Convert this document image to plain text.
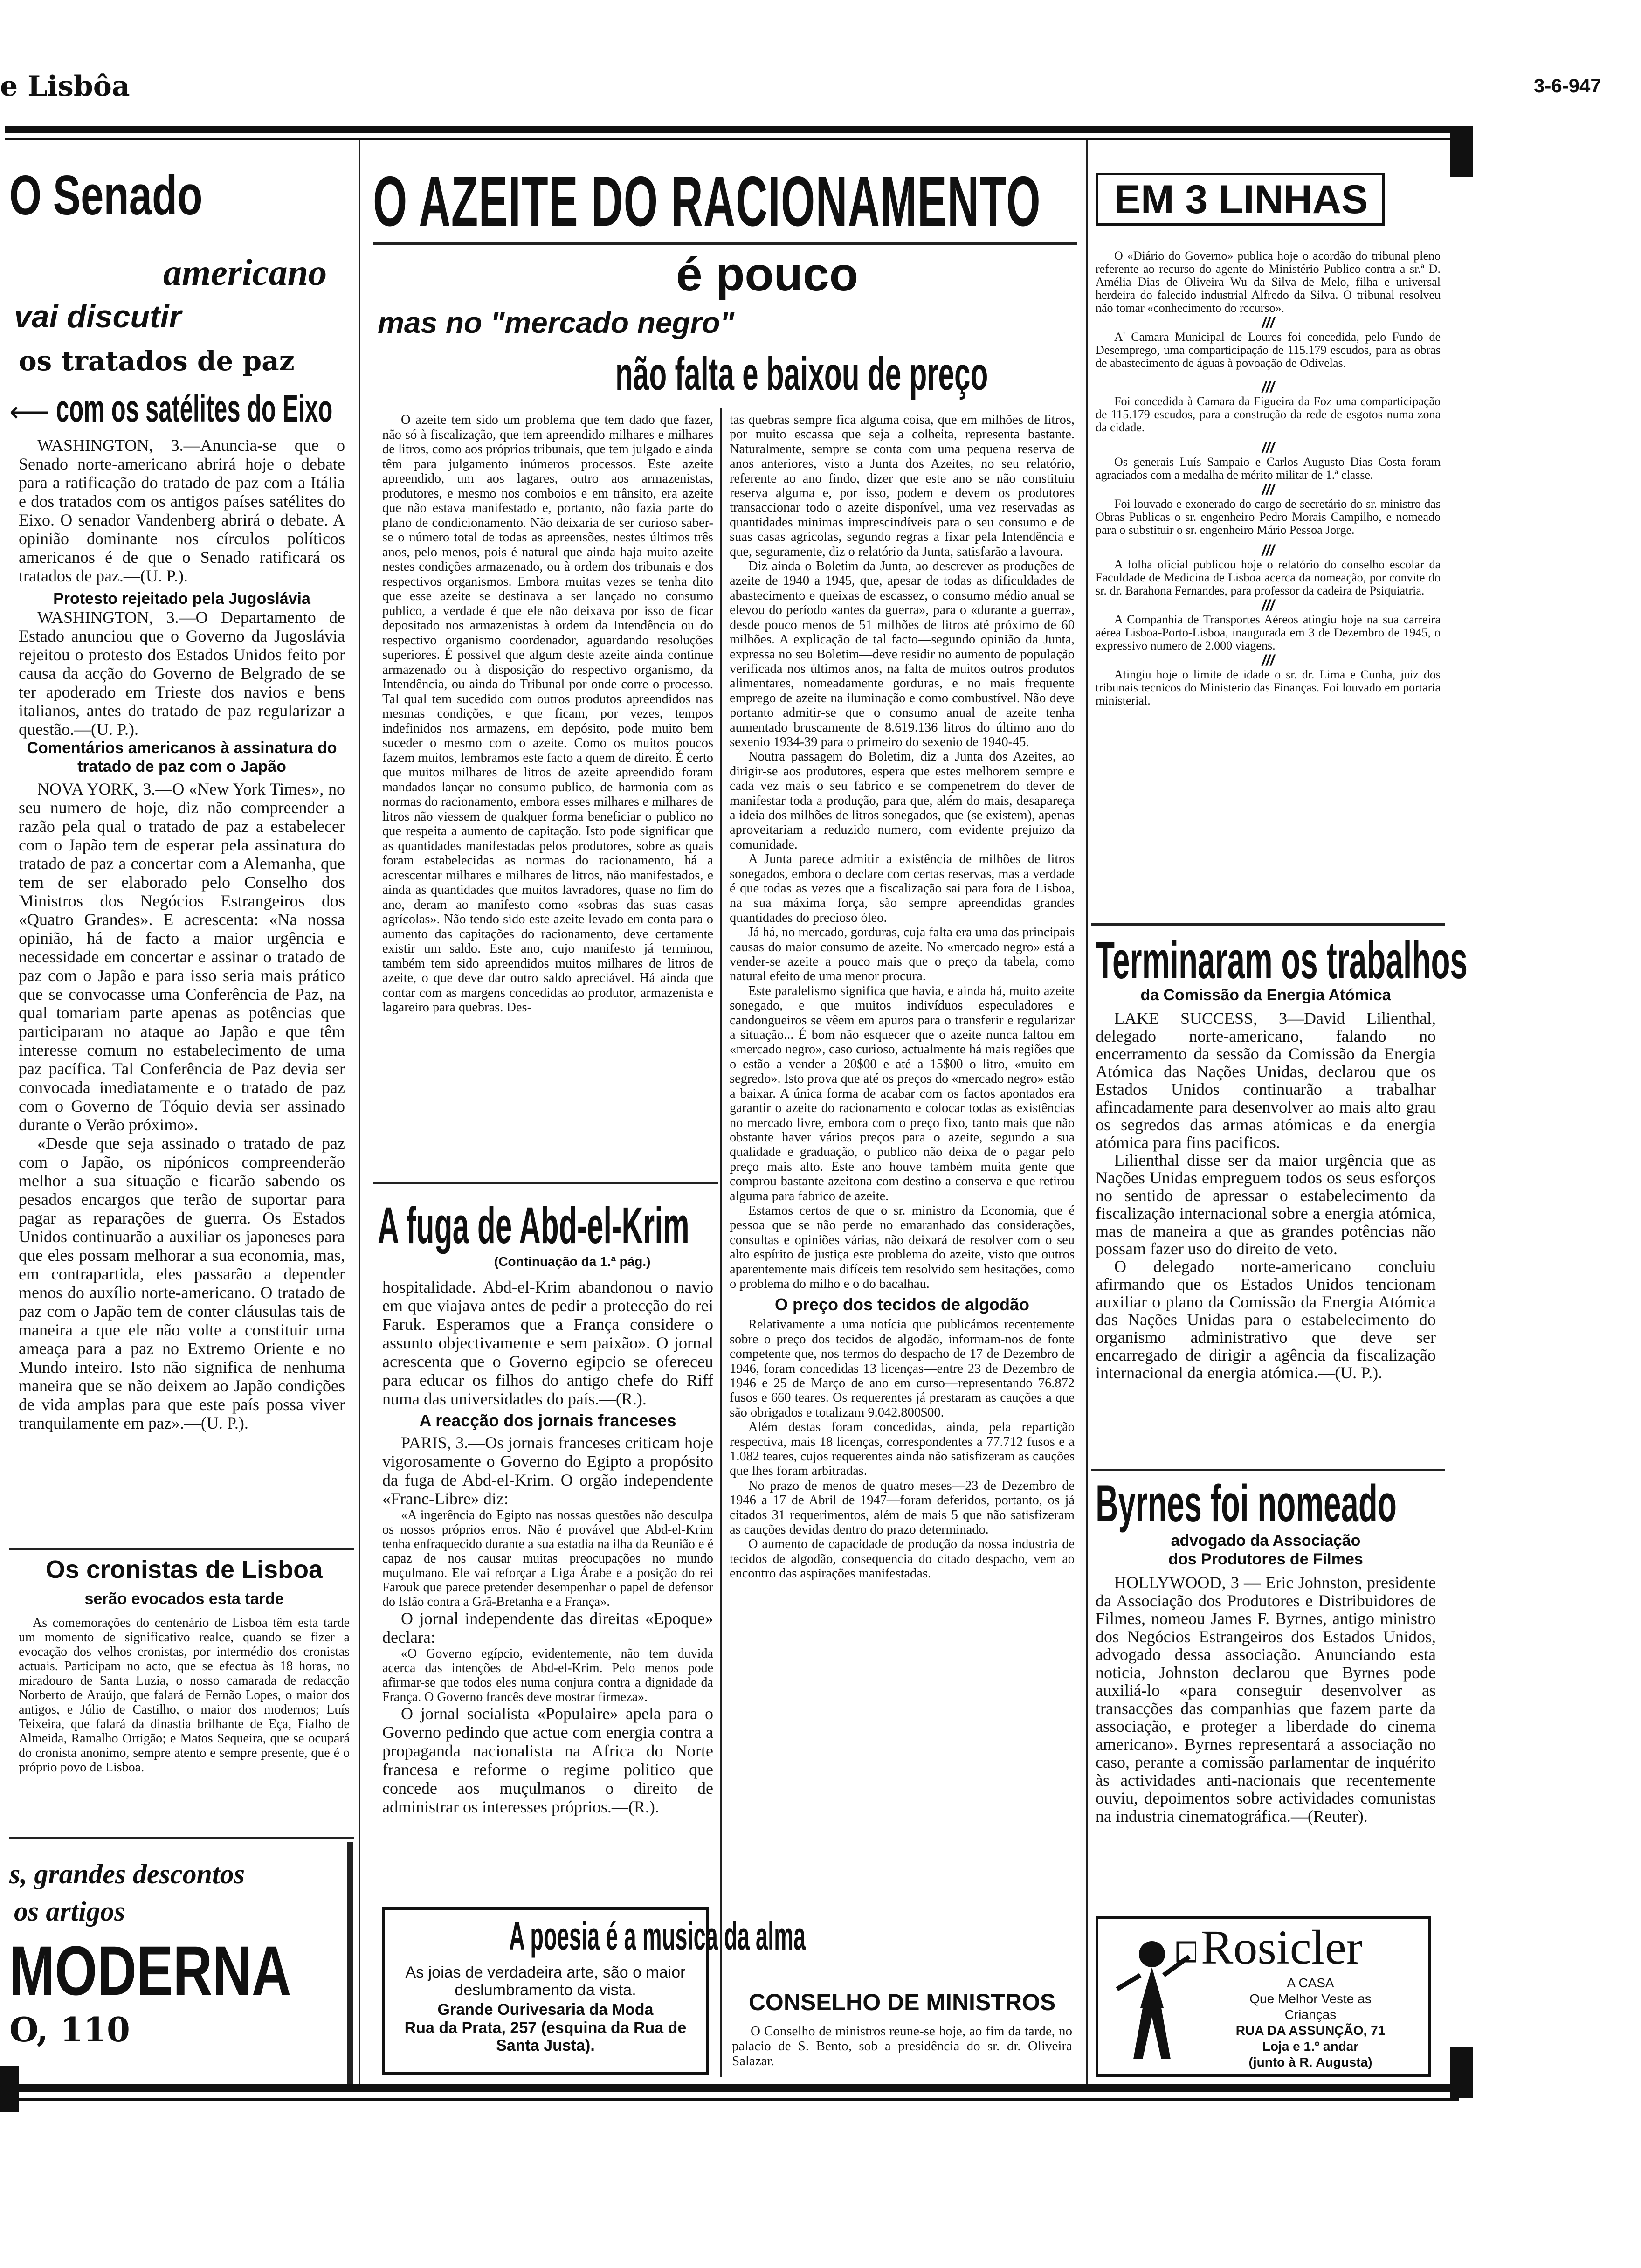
e Lisbôa	3-6-947
O Senado
americano
vai discutir
os tratados de paz
⟵ com os satélites do Eixo

WASHINGTON, 3.—Anuncia-se que o Senado norte-americano abrirá hoje o debate para a ratificação do tratado de paz com a Itália e dos tratados com os antigos países satélites do Eixo. O senador Vandenberg abrirá o debate. A opinião dominante nos círculos políticos americanos é de que o Senado ratificará os tratados de paz.—(U. P.).

Protesto rejeitado pela Jugoslávia

WASHINGTON, 3.—O Departamento de Estado anunciou que o Governo da Jugoslávia rejeitou o protesto dos Estados Unidos feito por causa da acção do Governo de Belgrado de se ter apoderado em Trieste dos navios e bens italianos, antes do tratado de paz regularizar a questão.—(U. P.).

Comentários americanos à assinatura do tratado de paz com o Japão

NOVA YORK, 3.—O «New York Times», no seu numero de hoje, diz não compreender a razão pela qual o tratado de paz a estabelecer com o Japão tem de esperar pela assinatura do tratado de paz a concertar com a Alemanha, que tem de ser elaborado pelo Conselho dos Ministros dos Negócios Estrangeiros dos «Quatro Grandes». E acrescenta: «Na nossa opinião, há de facto a maior urgência e necessidade em concertar e assinar o tratado de paz com o Japão e para isso seria mais prático que se convocasse uma Conferência de Paz, na qual tomariam parte apenas as potências que participaram no ataque ao Japão e que têm interesse comum no estabelecimento de uma paz pacífica. Tal Conferência de Paz devia ser convocada imediatamente e o tratado de paz com o Governo de Tóquio devia ser assinado durante o Verão próximo».

«Desde que seja assinado o tratado de paz com o Japão, os nipónicos compreenderão melhor a sua situação e ficarão sabendo os pesados encargos que terão de suportar para pagar as reparações de guerra. Os Estados Unidos continuarão a auxiliar os japoneses para que eles possam melhorar a sua economia, mas, em contrapartida, eles passarão a depender menos do auxílio norte-americano. O tratado de paz com o Japão tem de conter cláusulas tais de maneira a que ele não volte a constituir uma ameaça para a paz no Extremo Oriente e no Mundo inteiro. Isto não significa de nenhuma maneira que se não deixem ao Japão condições de vida amplas para que este país possa viver tranquilamente em paz».—(U. P.).

Os cronistas de Lisboa
serão evocados esta tarde

As comemorações do centenário de Lisboa têm esta tarde um momento de significativo realce, quando se fizer a evocação dos velhos cronistas, por intermédio dos cronistas actuais. Participam no acto, que se efectua às 18 horas, no miradouro de Santa Luzia, o nosso camarada de redacção Norberto de Araújo, que falará de Fernão Lopes, o maior dos antigos, e Júlio de Castilho, o maior dos modernos; Luís Teixeira, que falará da dinastia brilhante de Eça, Fialho de Almeida, Ramalho Ortigão; e Matos Sequeira, que se ocupará do cronista anonimo, sempre atento e sempre presente, que é o próprio povo de Lisboa.

s, grandes descontos
os artigos
MODERNA
O, 110
O AZEITE DO RACIONAMENTO
é pouco
mas no "mercado negro"
não falta e baixou de preço

O azeite tem sido um problema que tem dado que fazer, não só à fiscalização, que tem apreendido milhares e milhares de litros, como aos próprios tribunais, que tem julgado e ainda têm para julgamento inúmeros processos. Este azeite apreendido, um aos lagares, outro aos armazenistas, produtores, e mesmo nos comboios e em trânsito, era azeite que não estava manifestado e, portanto, não fazia parte do plano de condicionamento. Não deixaria de ser curioso saber-se o número total de todas as apreensões, nestes últimos três anos, pelo menos, pois é natural que ainda haja muito azeite nestes condições armazenado, ou à ordem dos tribunais e dos respectivos organismos. Embora muitas vezes se tenha dito que esse azeite se destinava a ser lançado no consumo publico, a verdade é que ele não deixava por isso de ficar depositado nos armazenistas à ordem da Intendência ou do respectivo organismo coordenador, aguardando resoluções superiores. É possível que algum deste azeite ainda continue armazenado ou à disposição do respectivo organismo, da Intendência, ou ainda do Tribunal por onde corre o processo. Tal qual tem sucedido com outros produtos apreendidos nas mesmas condições, e que ficam, por vezes, tempos indefinidos nos armazens, em depósito, pode muito bem suceder o mesmo com o azeite. Como os muitos poucos fazem muitos, lembramos este facto a quem de direito. É certo que muitos milhares de litros de azeite apreendido foram mandados lançar no consumo publico, de harmonia com as normas do racionamento, embora esses milhares e milhares de litros não viessem de qualquer forma beneficiar o publico no que respeita a aumento de capitação. Isto pode significar que as quantidades manifestadas pelos produtores, sobre as quais foram estabelecidas as normas do racionamento, há a acrescentar milhares e milhares de litros, não manifestados, e ainda as quantidades que muitos lavradores, quase no fim do ano, deram ao manifesto como «sobras das suas casas agrícolas». Não tendo sido este azeite levado em conta para o aumento das capitações do racionamento, deve certamente existir um saldo. Este ano, cujo manifesto já terminou, também tem sido apreendidos muitos milhares de litros de azeite, o que deve dar outro saldo apreciável. Há ainda que contar com as margens concedidas ao produtor, armazenista e lagareiro para quebras. Des-

tas quebras sempre fica alguma coisa, que em milhões de litros, por muito escassa que seja a colheita, representa bastante. Naturalmente, sempre se conta com uma pequena reserva de anos anteriores, visto a Junta dos Azeites, no seu relatório, referente ao ano findo, dizer que este ano se não constituiu reserva alguma e, por isso, podem e devem os produtores transaccionar todo o azeite disponível, uma vez reservadas as quantidades minimas imprescindíveis para o seu consumo e de suas casas agrícolas, segundo regras a fixar pela Intendência e que, seguramente, diz o relatório da Junta, satisfarão a lavoura.

Diz ainda o Boletim da Junta, ao descrever as produções de azeite de 1940 a 1945, que, apesar de todas as dificuldades de abastecimento e queixas de escassez, o consumo médio anual se elevou do período «antes da guerra», para o «durante a guerra», desde pouco menos de 51 milhões de litros até próximo de 60 milhões. A explicação de tal facto—segundo opinião da Junta, expressa no seu Boletim—deve residir no aumento de população verificada nos últimos anos, na falta de muitos outros produtos alimentares, nomeadamente gorduras, e no mais frequente emprego de azeite na iluminação e como combustível. Não deve portanto admitir-se que o consumo anual de azeite tenha aumentado bruscamente de 8.619.136 litros do último ano do sexenio 1934-39 para o primeiro do sexenio de 1940-45.

Noutra passagem do Boletim, diz a Junta dos Azeites, ao dirigir-se aos produtores, espera que estes melhorem sempre e cada vez mais o seu fabrico e se compenetrem do dever de manifestar toda a produção, para que, além do mais, desapareça a ideia dos milhões de litros sonegados, que (se existem), apenas aproveitariam a reduzido numero, com evidente prejuizo da comunidade.

A Junta parece admitir a existência de milhões de litros sonegados, embora o declare com certas reservas, mas a verdade é que todas as vezes que a fiscalização sai para fora de Lisboa, na sua máxima força, são sempre apreendidas grandes quantidades do precioso óleo.

Já há, no mercado, gorduras, cuja falta era uma das principais causas do maior consumo de azeite. No «mercado negro» está a vender-se azeite a pouco mais que o preço da tabela, como natural efeito de uma menor procura.

Este paralelismo significa que havia, e ainda há, muito azeite sonegado, e que muitos indivíduos especuladores e candongueiros se vêem em apuros para o transferir e regularizar a situação... É bom não esquecer que o azeite nunca faltou em «mercado negro», caso curioso, actualmente há mais regiões que o estão a vender a 20$00 e até a 15$00 o litro, «muito em segredo». Isto prova que até os preços do «mercado negro» estão a baixar. A única forma de acabar com os factos apontados era garantir o azeite do racionamento e colocar todas as existências no mercado livre, embora com o preço fixo, tanto mais que não obstante haver vários preços para o azeite, segundo a sua qualidade e graduação, o publico não deixa de o pagar pelo preço mais alto. Este ano houve também muita gente que comprou bastante azeitona com destino a conserva e que retirou alguma para fabrico de azeite.

Estamos certos de que o sr. ministro da Economia, que é pessoa que se não perde no emaranhado das considerações, consultas e opiniões várias, não deixará de resolver com o seu alto espírito de justiça este problema do azeite, visto que outros aparentemente mais difíceis tem resolvido sem hesitações, como o problema do milho e o do bacalhau.

O preço dos tecidos de algodão

Relativamente a uma notícia que publicámos recentemente sobre o preço dos tecidos de algodão, informam-nos de fonte competente que, nos termos do despacho de 17 de Dezembro de 1946, foram concedidas 13 licenças—entre 23 de Dezembro de 1946 e 25 de Março de ano em curso—representando 76.872 fusos e 660 teares. Os requerentes já prestaram as cauções a que são obrigados e totalizam 9.042.800$00.

Além destas foram concedidas, ainda, pela repartição respectiva, mais 18 licenças, correspondentes a 77.712 fusos e a 1.082 teares, cujos requerentes ainda não satisfizeram as cauções que lhes foram arbitradas.

No prazo de menos de quatro meses—23 de Dezembro de 1946 a 17 de Abril de 1947—foram deferidos, portanto, os já citados 31 requerimentos, além de mais 5 que não satisfizeram as cauções devidas dentro do prazo determinado.

O aumento de capacidade de produção da nossa industria de tecidos de algodão, consequencia do citado despacho, vem ao encontro das aspirações manifestadas.

A fuga de Abd-el-Krim
(Continuação da 1.ª pág.)

hospitalidade. Abd-el-Krim abandonou o navio em que viajava antes de pedir a protecção do rei Faruk. Esperamos que a França considere o assunto objectivamente e sem paixão». O jornal acrescenta que o Governo egipcio se ofereceu para educar os filhos do antigo chefe do Riff numa das universidades do país.—(R.).

A reacção dos jornais franceses

PARIS, 3.—Os jornais franceses criticam hoje vigorosamente o Governo do Egipto a propósito da fuga de Abd-el-Krim. O orgão independente «Franc-Libre» diz:

«A ingerência do Egipto nas nossas questões não desculpa os nossos próprios erros. Não é provável que Abd-el-Krim tenha enfraquecido durante a sua estadia na ilha da Reunião e é capaz de nos causar muitas preocupações no mundo muçulmano. Ele vai reforçar a Liga Árabe e a posição do rei Farouk que parece pretender desempenhar o papel de defensor do Islão contra a Grã-Bretanha e a França».

O jornal independente das direitas «Epoque» declara:

«O Governo egípcio, evidentemente, não tem duvida acerca das intenções de Abd-el-Krim. Pelo menos pode afirmar-se que todos eles numa conjura contra a dignidade da França. O Governo francês deve mostrar firmeza».

O jornal socialista «Populaire» apela para o Governo pedindo que actue com energia contra a propaganda nacionalista na Africa do Norte francesa e reforme o regime politico que concede aos muçulmanos o direito de administrar os interesses próprios.—(R.).

A poesia é a musica da alma
As joias de verdadeira arte, são o maior deslumbramento da vista.
Grande Ourivesaria da Moda
Rua da Prata, 257 (esquina da Rua de Santa Justa).
CONSELHO DE MINISTROS

O Conselho de ministros reune-se hoje, ao fim da tarde, no palacio de S. Bento, sob a presidência do sr. dr. Oliveira Salazar.

EM 3 LINHAS

O «Diário do Governo» publica hoje o acordão do tribunal pleno referente ao recurso do agente do Ministério Publico contra a sr.ª D. Amélia Dias de Oliveira Wu da Silva de Melo, filha e universal herdeira do falecido industrial Alfredo da Silva. O tribunal resolveu não tomar «conhecimento do recurso».

///

A' Camara Municipal de Loures foi concedida, pelo Fundo de Desemprego, uma comparticipação de 115.179 escudos, para as obras de abastecimento de águas à povoação de Odivelas.

///

Foi concedida à Camara da Figueira da Foz uma comparticipação de 115.179 escudos, para a construção da rede de esgotos numa zona da cidade.

///

Os generais Luís Sampaio e Carlos Augusto Dias Costa foram agraciados com a medalha de mérito militar de 1.ª classe.

///

Foi louvado e exonerado do cargo de secretário do sr. ministro das Obras Publicas o sr. engenheiro Pedro Morais Campilho, e nomeado para o substituir o sr. engenheiro Mário Pessoa Jorge.

///

A folha oficial publicou hoje o relatório do conselho escolar da Faculdade de Medicina de Lisboa acerca da nomeação, por convite do sr. dr. Barahona Fernandes, para professor da cadeira de Psiquiatria.

///

A Companhia de Transportes Aéreos atingiu hoje na sua carreira aérea Lisboa-Porto-Lisboa, inaugurada em 3 de Dezembro de 1945, o expressivo numero de 2.000 viagens.

///

Atingiu hoje o limite de idade o sr. dr. Lima e Cunha, juiz dos tribunais tecnicos do Ministerio das Finanças. Foi louvado em portaria ministerial.

Terminaram os trabalhos
da Comissão da Energia Atómica

LAKE SUCCESS, 3—David Lilienthal, delegado norte-americano, falando no encerramento da sessão da Comissão da Energia Atómica das Nações Unidas, declarou que os Estados Unidos continuarão a trabalhar afincadamente para desenvolver ao mais alto grau os segredos das armas atómicas e da energia atómica para fins pacificos.

Lilienthal disse ser da maior urgência que as Nações Unidas empreguem todos os seus esforços no sentido de apressar o estabelecimento da fiscalização internacional sobre a energia atómica, mas de maneira a que as grandes potências não possam fazer uso do direito de veto.

O delegado norte-americano concluiu afirmando que os Estados Unidos tencionam auxiliar o plano da Comissão da Energia Atómica das Nações Unidas para o estabelecimento do organismo administrativo que deve ser encarregado de dirigir a agência da fiscalização internacional da energia atómica.—(U. P.).

Byrnes foi nomeado
advogado da Associação
dos Produtores de Filmes

HOLLYWOOD, 3 — Eric Johnston, presidente da Associação dos Produtores e Distribuidores de Filmes, nomeou James F. Byrnes, antigo ministro dos Negócios Estrangeiros dos Estados Unidos, advogado dessa associação. Anunciando esta noticia, Johnston declarou que Byrnes pode auxiliá-lo «para conseguir desenvolver as transacções das companhias que fazem parte da associação, e proteger a liberdade do cinema americano». Byrnes representará a associação no caso, perante a comissão parlamentar de inquérito às actividades anti-nacionais que recentemente ouviu, depoimentos sobre actividades comunistas na industria cinematográfica.—(Reuter).

Rosicler
A CASA
Que Melhor Veste as
Crianças
RUA DA ASSUNÇÃO, 71
Loja e 1.º andar
(junto à R. Augusta)
